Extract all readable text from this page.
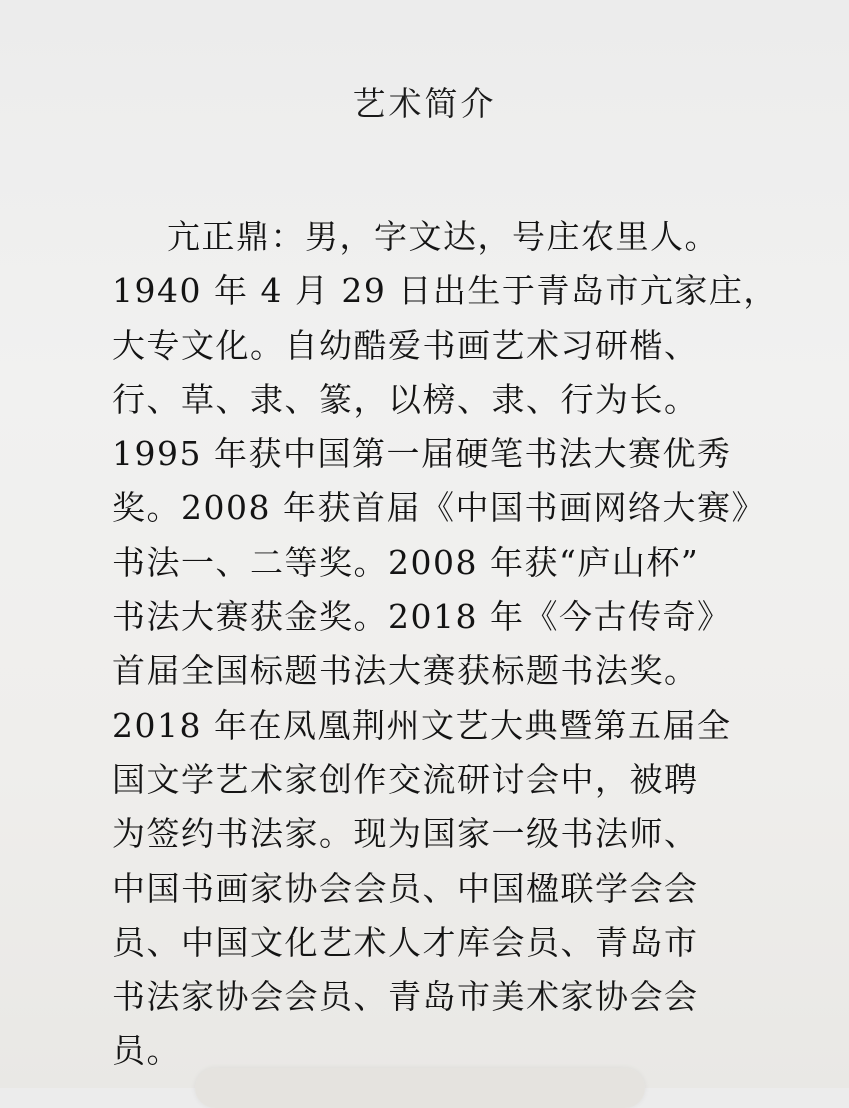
艺术简介
亢正鼎：男，字文达，号庄农里人。
1940 年 4 月 29 日出生于青岛市亢家庄，
大专文化。自幼酷爱书画艺术习研楷、
行、草、隶、篆，以榜、隶、行为长。
1995 年获中国第一届硬笔书法大赛优秀
奖。2008 年获首届《中国书画网络大赛》
书法一、二等奖。2008 年获“庐山杯”
书法大赛获金奖。2018 年《今古传奇》
首届全国标题书法大赛获标题书法奖。
2018 年在凤凰荆州文艺大典暨第五届全
国文学艺术家创作交流研讨会中，被聘
为签约书法家。现为国家一级书法师、
中国书画家协会会员、中国楹联学会会
员、中国文化艺术人才库会员、青岛市
书法家协会会员、青岛市美术家协会会
员。
